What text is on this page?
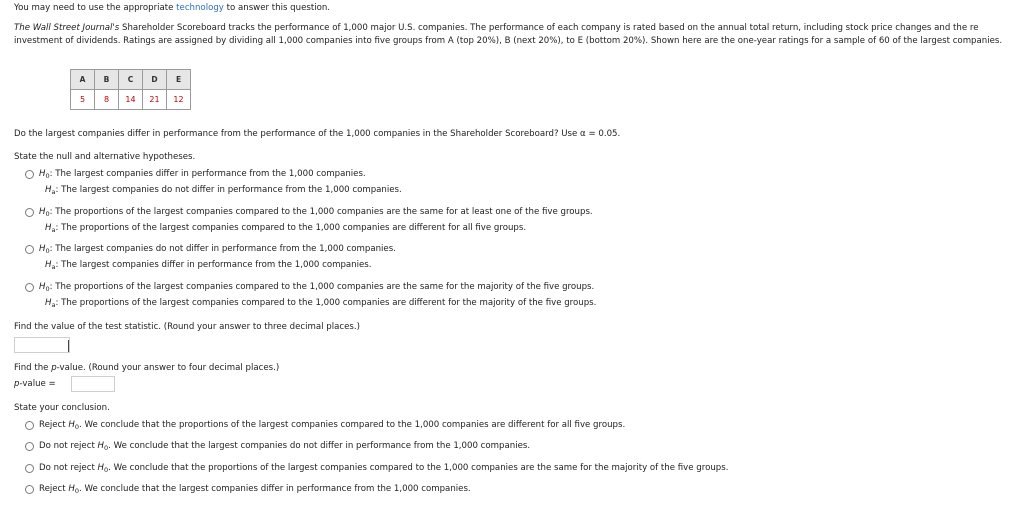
You may need to use the appropriate technology to answer this question.
The Wall Street Journal's Shareholder Scoreboard tracks the performance of 1,000 major U.S. companies. The performance of each company is rated based on the annual total return, including stock price changes and the re investment of dividends. Ratings are assigned by dividing all 1,000 companies into five groups from A (top 20%), B (next 20%), to E (bottom 20%). Shown here are the one-year ratings for a sample of 60 of the largest companies.
A	B	C	D	E
5	8	14	21	12
Do the largest companies differ in performance from the performance of the 1,000 companies in the Shareholder Scoreboard? Use α = 0.05.
State the null and alternative hypotheses.
$H_0$: The largest companies differ in performance from the 1,000 companies.
$H_a$: The largest companies do not differ in performance from the 1,000 companies.
$H_0$: The proportions of the largest companies compared to the 1,000 companies are the same for at least one of the five groups.
$H_a$: The proportions of the largest companies compared to the 1,000 companies are different for all five groups.
$H_0$: The largest companies do not differ in performance from the 1,000 companies.
$H_a$: The largest companies differ in performance from the 1,000 companies.
$H_0$: The proportions of the largest companies compared to the 1,000 companies are the same for the majority of the five groups.
$H_a$: The proportions of the largest companies compared to the 1,000 companies are different for the majority of the five groups.
Find the value of the test statistic. (Round your answer to three decimal places.)
Find the p-value. (Round your answer to four decimal places.)
p-value =
State your conclusion.
Reject $H_0$. We conclude that the proportions of the largest companies compared to the 1,000 companies are different for all five groups.
Do not reject $H_0$. We conclude that the largest companies do not differ in performance from the 1,000 companies.
Do not reject $H_0$. We conclude that the proportions of the largest companies compared to the 1,000 companies are the same for the majority of the five groups.
Reject $H_0$. We conclude that the largest companies differ in performance from the 1,000 companies.
